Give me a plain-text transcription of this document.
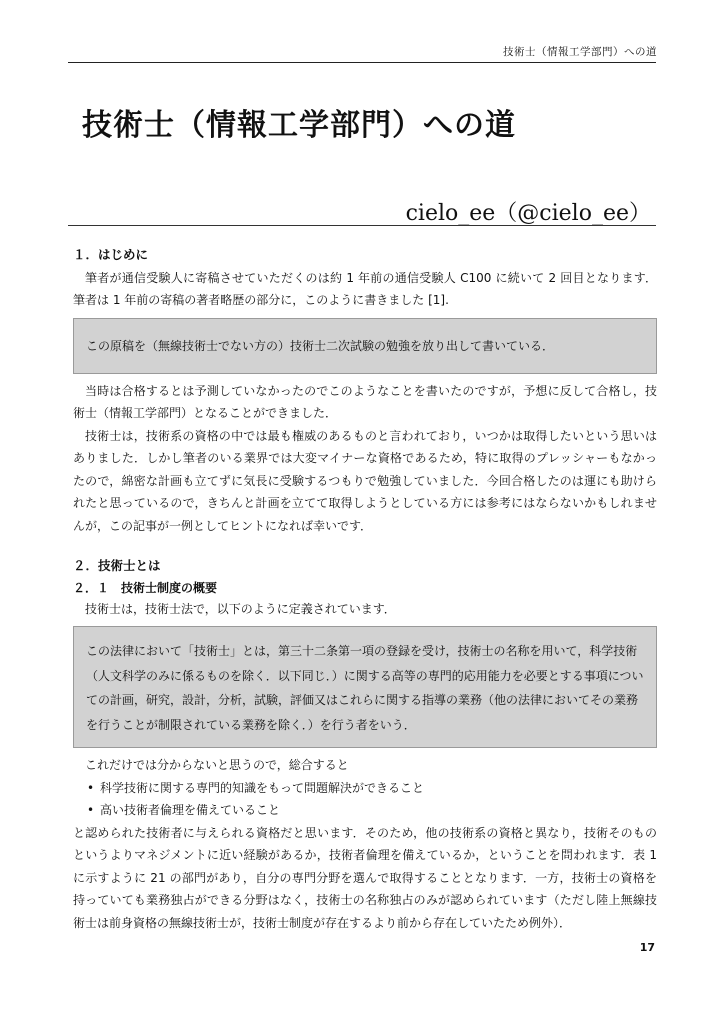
技術士（情報工学部門）への道
技術士（情報工学部門）への道
cielo_ee（@cielo_ee）
１．はじめに

筆者が通信受験人に寄稿させていただくのは約 1 年前の通信受験人 C100 に続いて 2 回目となります．筆者は 1 年前の寄稿の著者略歴の部分に，このように書きました [1].

この原稿を（無線技術士でない方の）技術士二次試験の勉強を放り出して書いている．

当時は合格するとは予測していなかったのでこのようなことを書いたのですが，予想に反して合格し，技術士（情報工学部門）となることができました．

技術士は，技術系の資格の中では最も権威のあるものと言われており，いつかは取得したいという思いはありました．しかし筆者のいる業界では大変マイナーな資格であるため，特に取得のプレッシャーもなかったので，綿密な計画も立てずに気長に受験するつもりで勉強していました．今回合格したのは運にも助けられたと思っているので，きちんと計画を立てて取得しようとしている方には参考にはならないかもしれませんが，この記事が一例としてヒントになれば幸いです．

２．技術士とは
２．１　技術士制度の概要

技術士は，技術士法で，以下のように定義されています．

この法律において「技術士」とは，第三十二条第一項の登録を受け，技術士の名称を用いて，科学技術（人文科学のみに係るものを除く．以下同じ．）に関する高等の専門的応用能力を必要とする事項についての計画，研究，設計，分析，試験，評価又はこれらに関する指導の業務（他の法律においてその業務を行うことが制限されている業務を除く．）を行う者をいう．

これだけでは分からないと思うので，総合すると

• 科学技術に関する専門的知識をもって問題解決ができること
• 高い技術者倫理を備えていること

と認められた技術者に与えられる資格だと思います．そのため，他の技術系の資格と異なり，技術そのものというよりマネジメントに近い経験があるか，技術者倫理を備えているか，ということを問われます．表 1 に示すように 21 の部門があり，自分の専門分野を選んで取得することとなります．一方，技術士の資格を持っていても業務独占ができる分野はなく，技術士の名称独占のみが認められています（ただし陸上無線技術士は前身資格の無線技術士が，技術士制度が存在するより前から存在していたため例外）．

17
